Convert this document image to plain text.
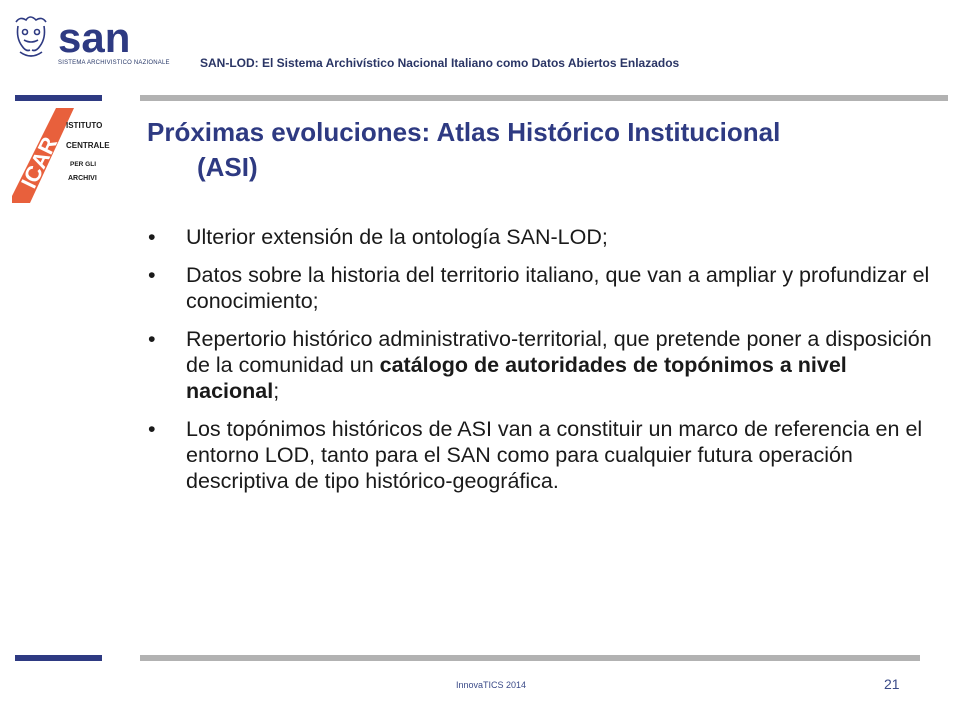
san
SISTEMA ARCHIVISTICO NAZIONALE	SAN-LOD: El Sistema Archivístico Nacional Italiano como Datos Abiertos Enlazados
ICAR
ISTITUTO
CENTRALE
PER GLI
ARCHIVI
Próximas evoluciones: Atlas Histórico Institucional
(ASI)
• Ulterior extensión de la ontología SAN-LOD;
• Datos sobre la historia del territorio italiano, que van a ampliar y profundizar el conocimiento;
• Repertorio histórico administrativo-territorial, que pretende poner a disposición de la comunidad un catálogo de autoridades de topónimos a nivel nacional;
• Los topónimos históricos de ASI van a constituir un marco de referencia en el entorno LOD, tanto para el SAN como para cualquier futura operación descriptiva de tipo histórico-geográfica.
InnovaTICS 2014	21
